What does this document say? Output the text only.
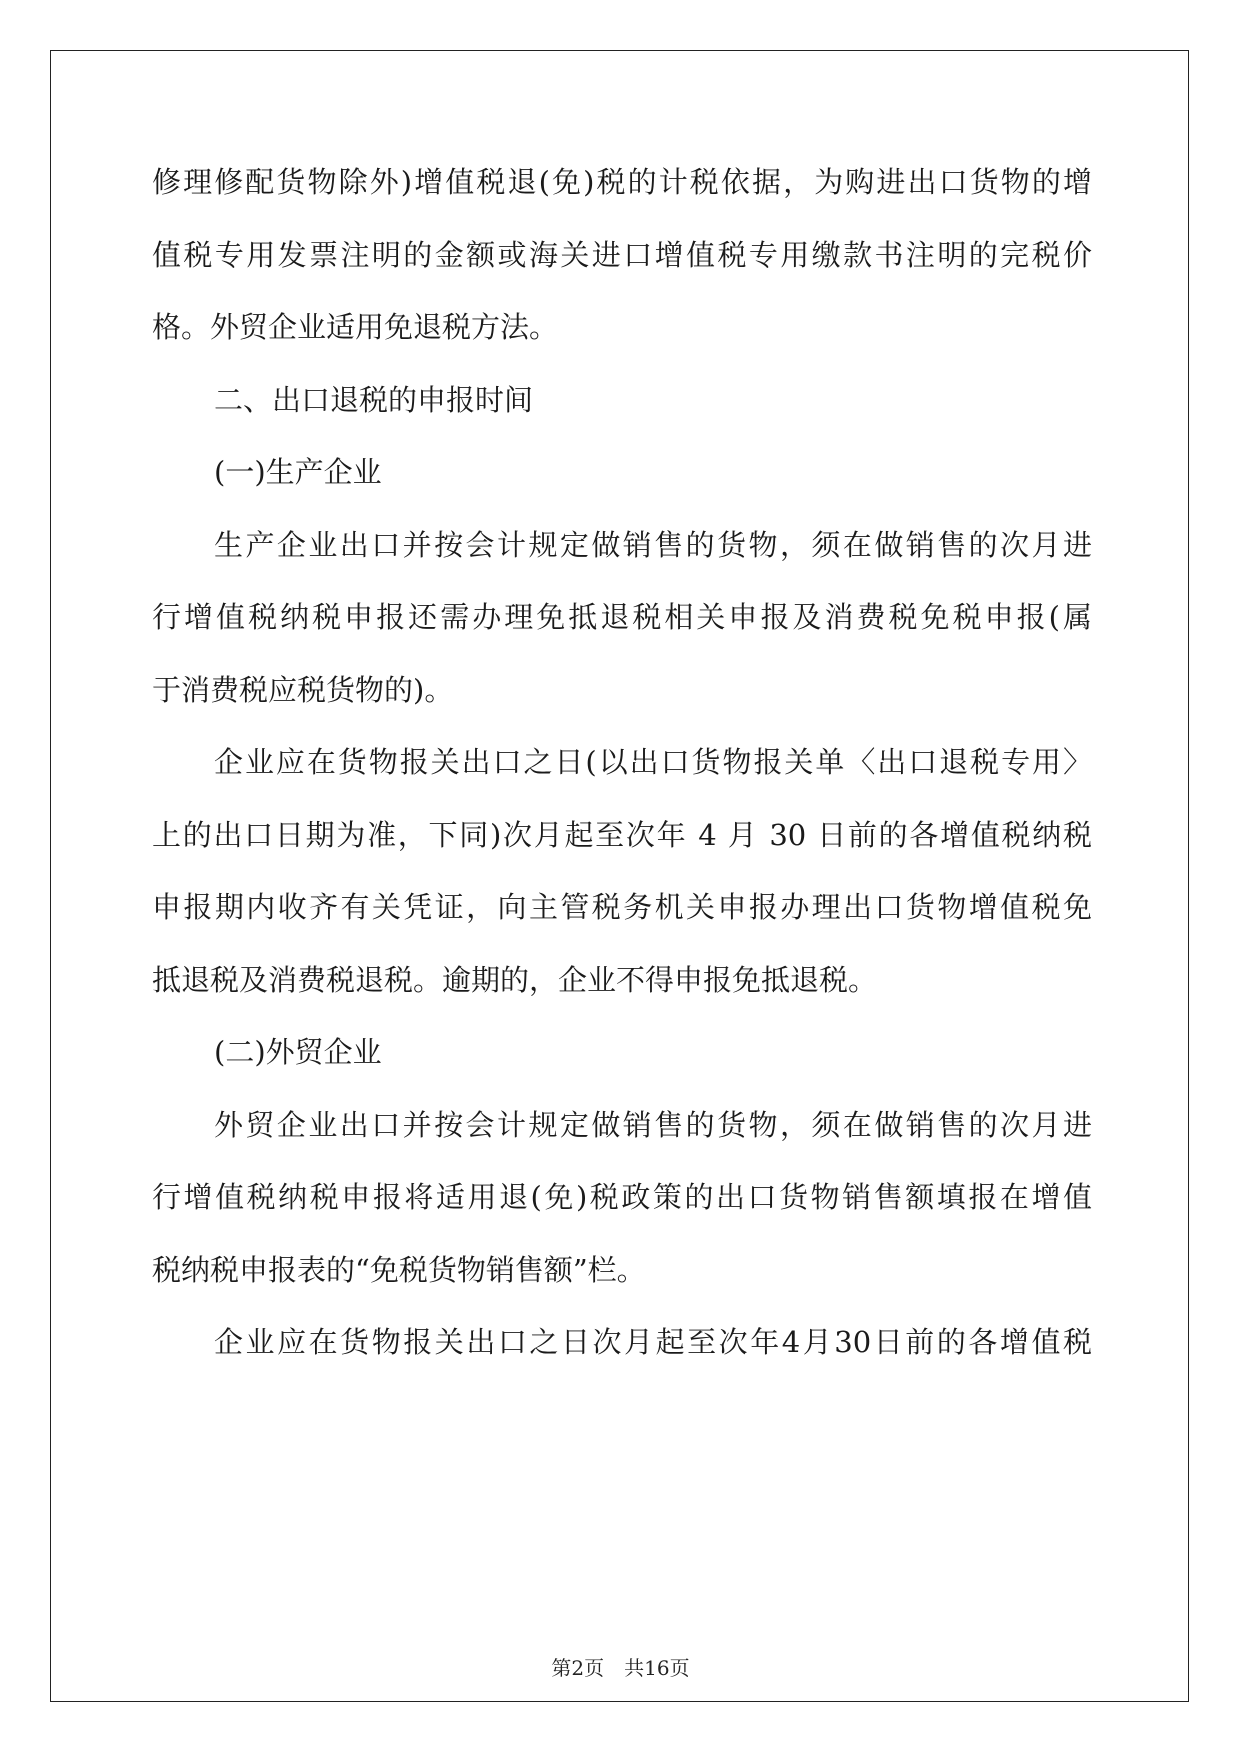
修理修配货物除外)增值税退(免)税的计税依据，为购进出口货物的增
值税专用发票注明的金额或海关进口增值税专用缴款书注明的完税价
格。外贸企业适用免退税方法。
二、出口退税的申报时间
(一)生产企业
生产企业出口并按会计规定做销售的货物，须在做销售的次月进
行增值税纳税申报还需办理免抵退税相关申报及消费税免税申报(属
于消费税应税货物的)。
企业应在货物报关出口之日(以出口货物报关单〈出口退税专用〉
上的出口日期为准，下同)次月起至次年 4 月 30 日前的各增值税纳税
申报期内收齐有关凭证，向主管税务机关申报办理出口货物增值税免
抵退税及消费税退税。逾期的，企业不得申报免抵退税。
(二)外贸企业
外贸企业出口并按会计规定做销售的货物，须在做销售的次月进
行增值税纳税申报将适用退(免)税政策的出口货物销售额填报在增值
税纳税申报表的“免税货物销售额”栏。
企业应在货物报关出口之日次月起至次年4月30日前的各增值税
第2页　共16页
